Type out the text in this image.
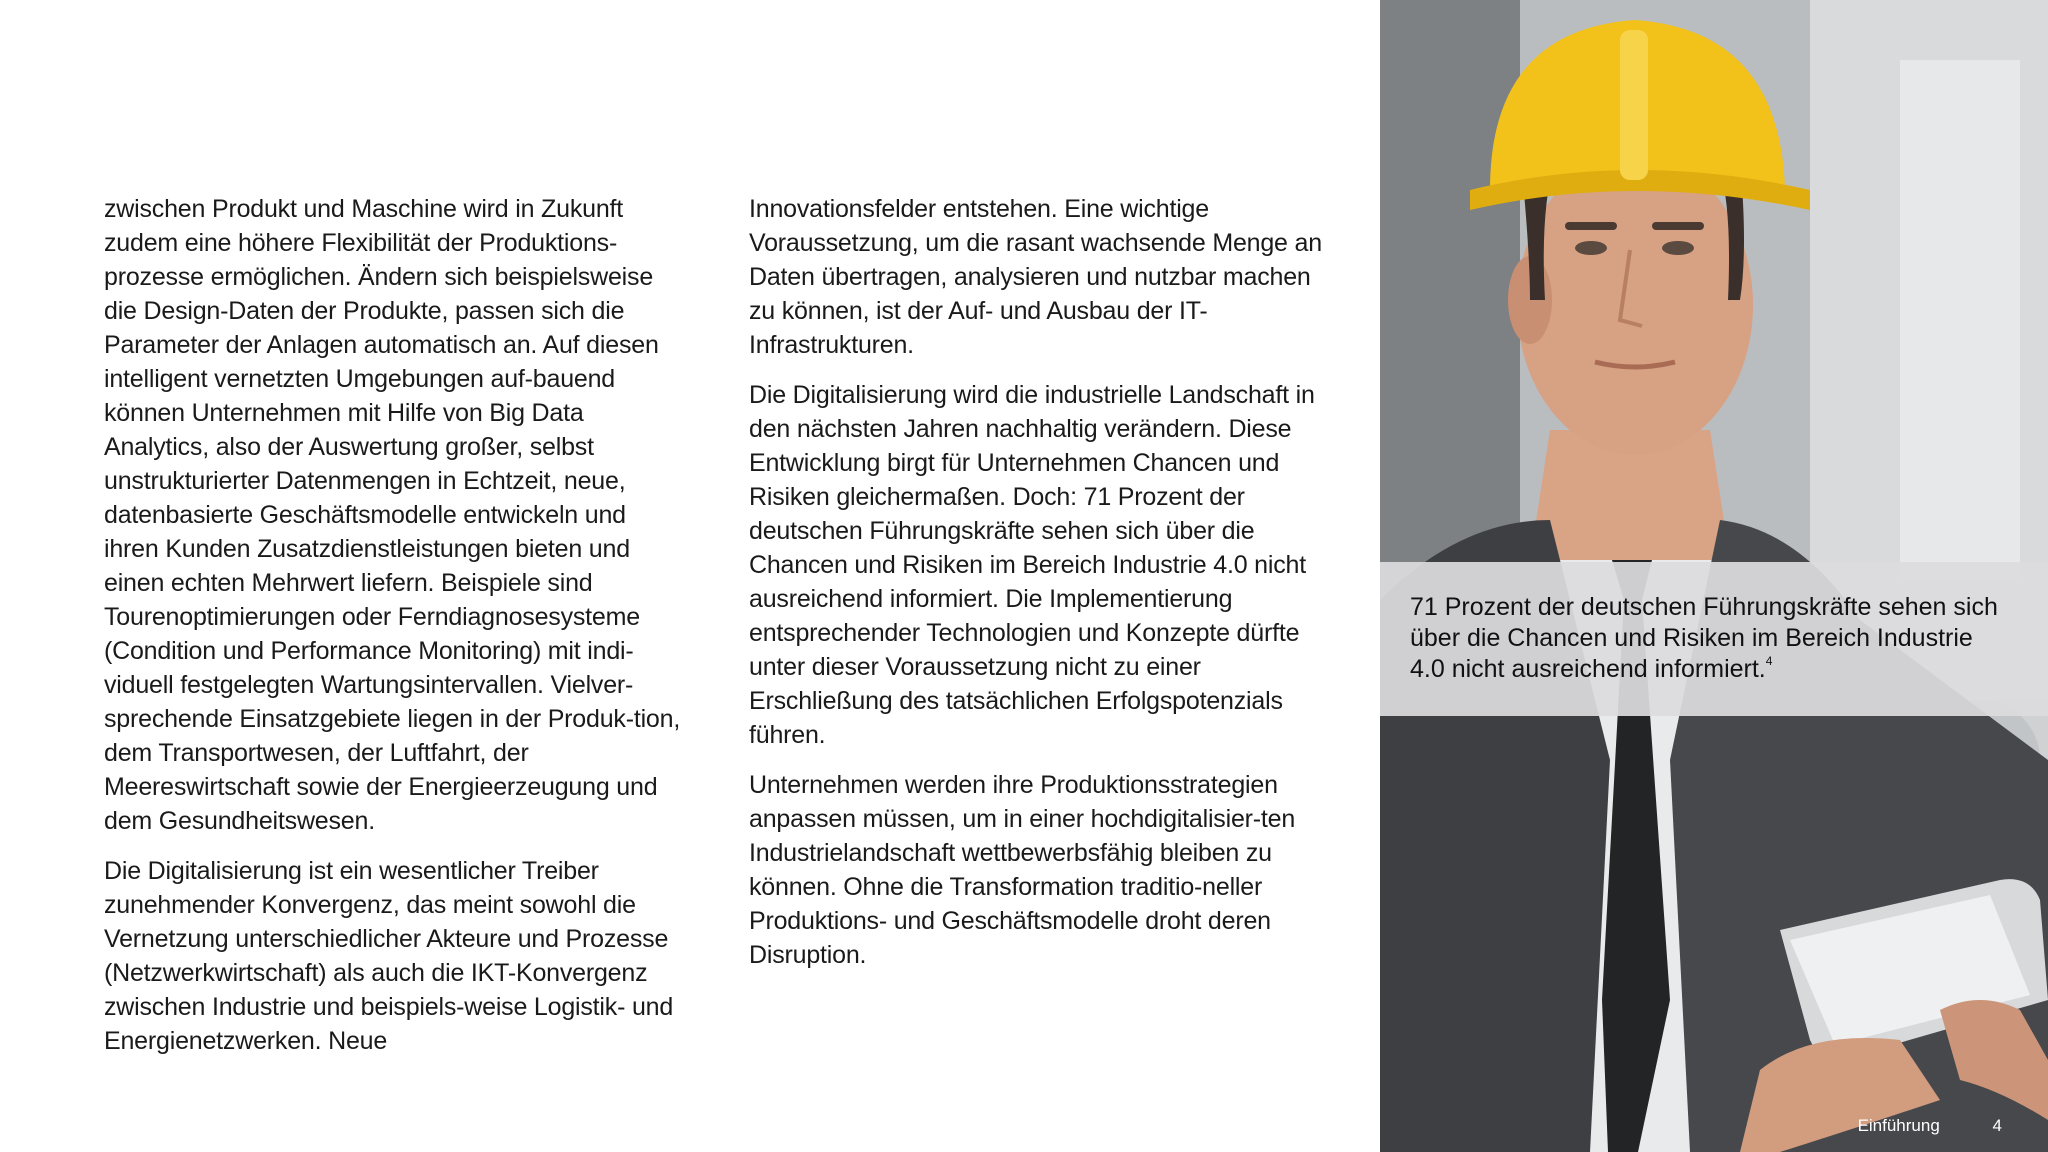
zwischen Produkt und Maschine wird in Zukunft zudem eine höhere Flexibilität der Produktions-prozesse ermöglichen. Ändern sich beispielsweise die Design-Daten der Produkte, passen sich die Parameter der Anlagen automatisch an. Auf diesen intelligent vernetzten Umgebungen auf-bauend können Unternehmen mit Hilfe von Big Data Analytics, also der Auswertung großer, selbst unstrukturierter Datenmengen in Echtzeit, neue, datenbasierte Geschäftsmodelle entwickeln und ihren Kunden Zusatzdienstleistungen bieten und einen echten Mehrwert liefern. Beispiele sind Tourenoptimierungen oder Ferndiagnosesysteme (Condition und Performance Monitoring) mit indi-viduell festgelegten Wartungsintervallen. Vielver-sprechende Einsatzgebiete liegen in der Produk-tion, dem Transportwesen, der Luftfahrt, der Meereswirtschaft sowie der Energieerzeugung und dem Gesundheitswesen.

Die Digitalisierung ist ein wesentlicher Treiber zunehmender Konvergenz, das meint sowohl die Vernetzung unterschiedlicher Akteure und Prozesse (Netzwerkwirtschaft) als auch die IKT-Konvergenz zwischen Industrie und beispiels-weise Logistik- und Energienetzwerken. Neue

Innovationsfelder entstehen. Eine wichtige Voraussetzung, um die rasant wachsende Menge an Daten übertragen, analysieren und nutzbar machen zu können, ist der Auf- und Ausbau der IT-Infrastrukturen.

Die Digitalisierung wird die industrielle Landschaft in den nächsten Jahren nachhaltig verändern. Diese Entwicklung birgt für Unternehmen Chancen und Risiken gleichermaßen. Doch: 71 Prozent der deutschen Führungskräfte sehen sich über die Chancen und Risiken im Bereich Industrie 4.0 nicht ausreichend informiert. Die Implementierung entsprechender Technologien und Konzepte dürfte unter dieser Voraussetzung nicht zu einer Erschließung des tatsächlichen Erfolgspotenzials führen.

Unternehmen werden ihre Produktionsstrategien anpassen müssen, um in einer hochdigitalisier-ten Industrielandschaft wettbewerbsfähig bleiben zu können. Ohne die Transformation traditio-neller Produktions- und Geschäftsmodelle droht deren Disruption.

71 Prozent der deutschen Führungskräfte sehen sich über die Chancen und Risiken im Bereich Industrie 4.0 nicht ausreichend informiert.$^4$
Einführung	4
